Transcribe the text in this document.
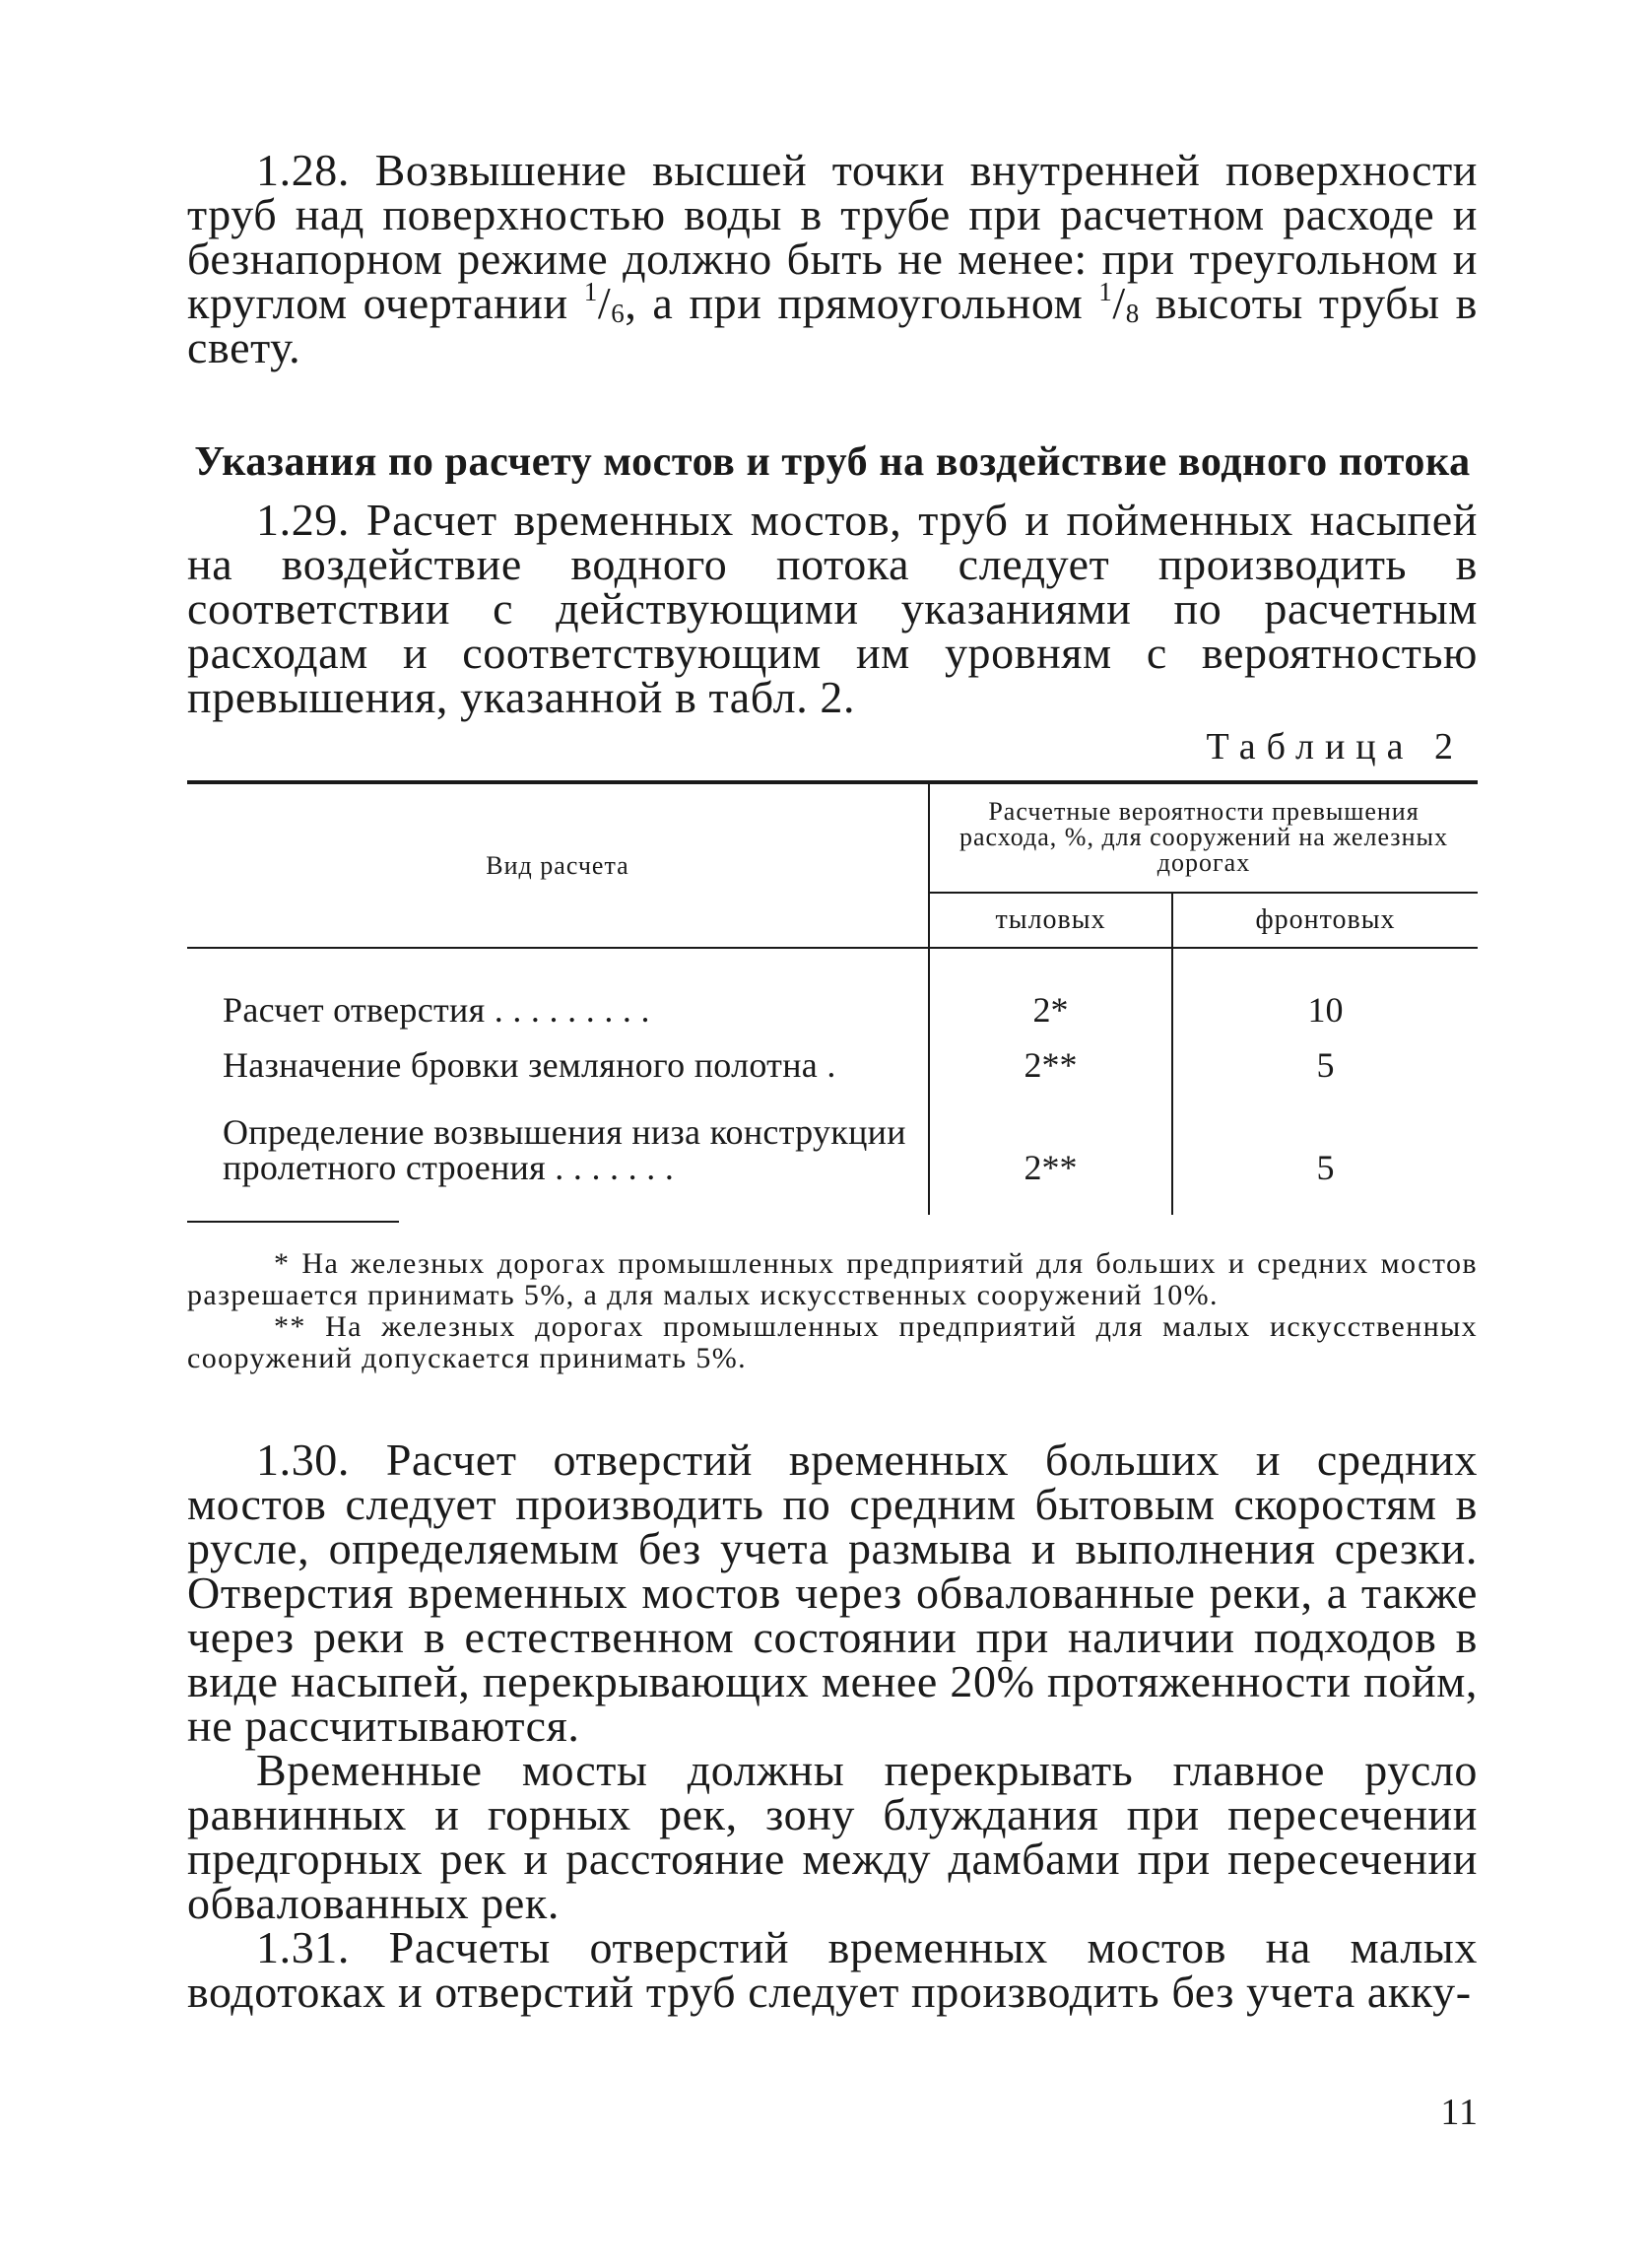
1.28. Возвышение высшей точки внутренней поверхности труб над поверхностью воды в трубе при расчетном расходе и безнапорном режиме должно быть не менее: при треугольном и круглом очертании $^1/_6$, а при прямоугольном $^1/_8$ высоты трубы в свету.

Указания по расчету мостов и труб на воздействие водного потока

1.29. Расчет временных мостов, труб и пойменных насыпей на воздействие водного потока следует производить в соответствии с действующими указаниями по расчетным расходам и соответствующим им уровням с вероятностью превышения, указанной в табл. 2.

Таблица 2
Вид расчета	Расчетные вероятности превышения расхода, %, для сооружений на железных дорогах	
	тыловых	фронтовых
Расчет отверстия . . . . . . . . .	2*	10
Назначение бровки земляного полотна .	2**	5
Определение возвышения низа конструкции пролетного строения . . . . . . .	2**	5

* На железных дорогах промышленных предприятий для больших и средних мостов разрешается принимать 5%, а для малых искусственных сооружений 10%.

** На железных дорогах промышленных предприятий для малых искусственных сооружений допускается принимать 5%.

1.30. Расчет отверстий временных больших и средних мостов следует производить по средним бытовым скоростям в русле, определяемым без учета размыва и выполнения срезки. Отверстия временных мостов через обвалованные реки, а также через реки в естественном состоянии при наличии подходов в виде насыпей, перекрывающих менее 20% протяженности пойм, не рассчитываются.

Временные мосты должны перекрывать главное русло равнинных и горных рек, зону блуждания при пересечении предгорных рек и расстояние между дамбами при пересечении обвалованных рек.

1.31. Расчеты отверстий временных мостов на малых водотоках и отверстий труб следует производить без учета акку-

11
